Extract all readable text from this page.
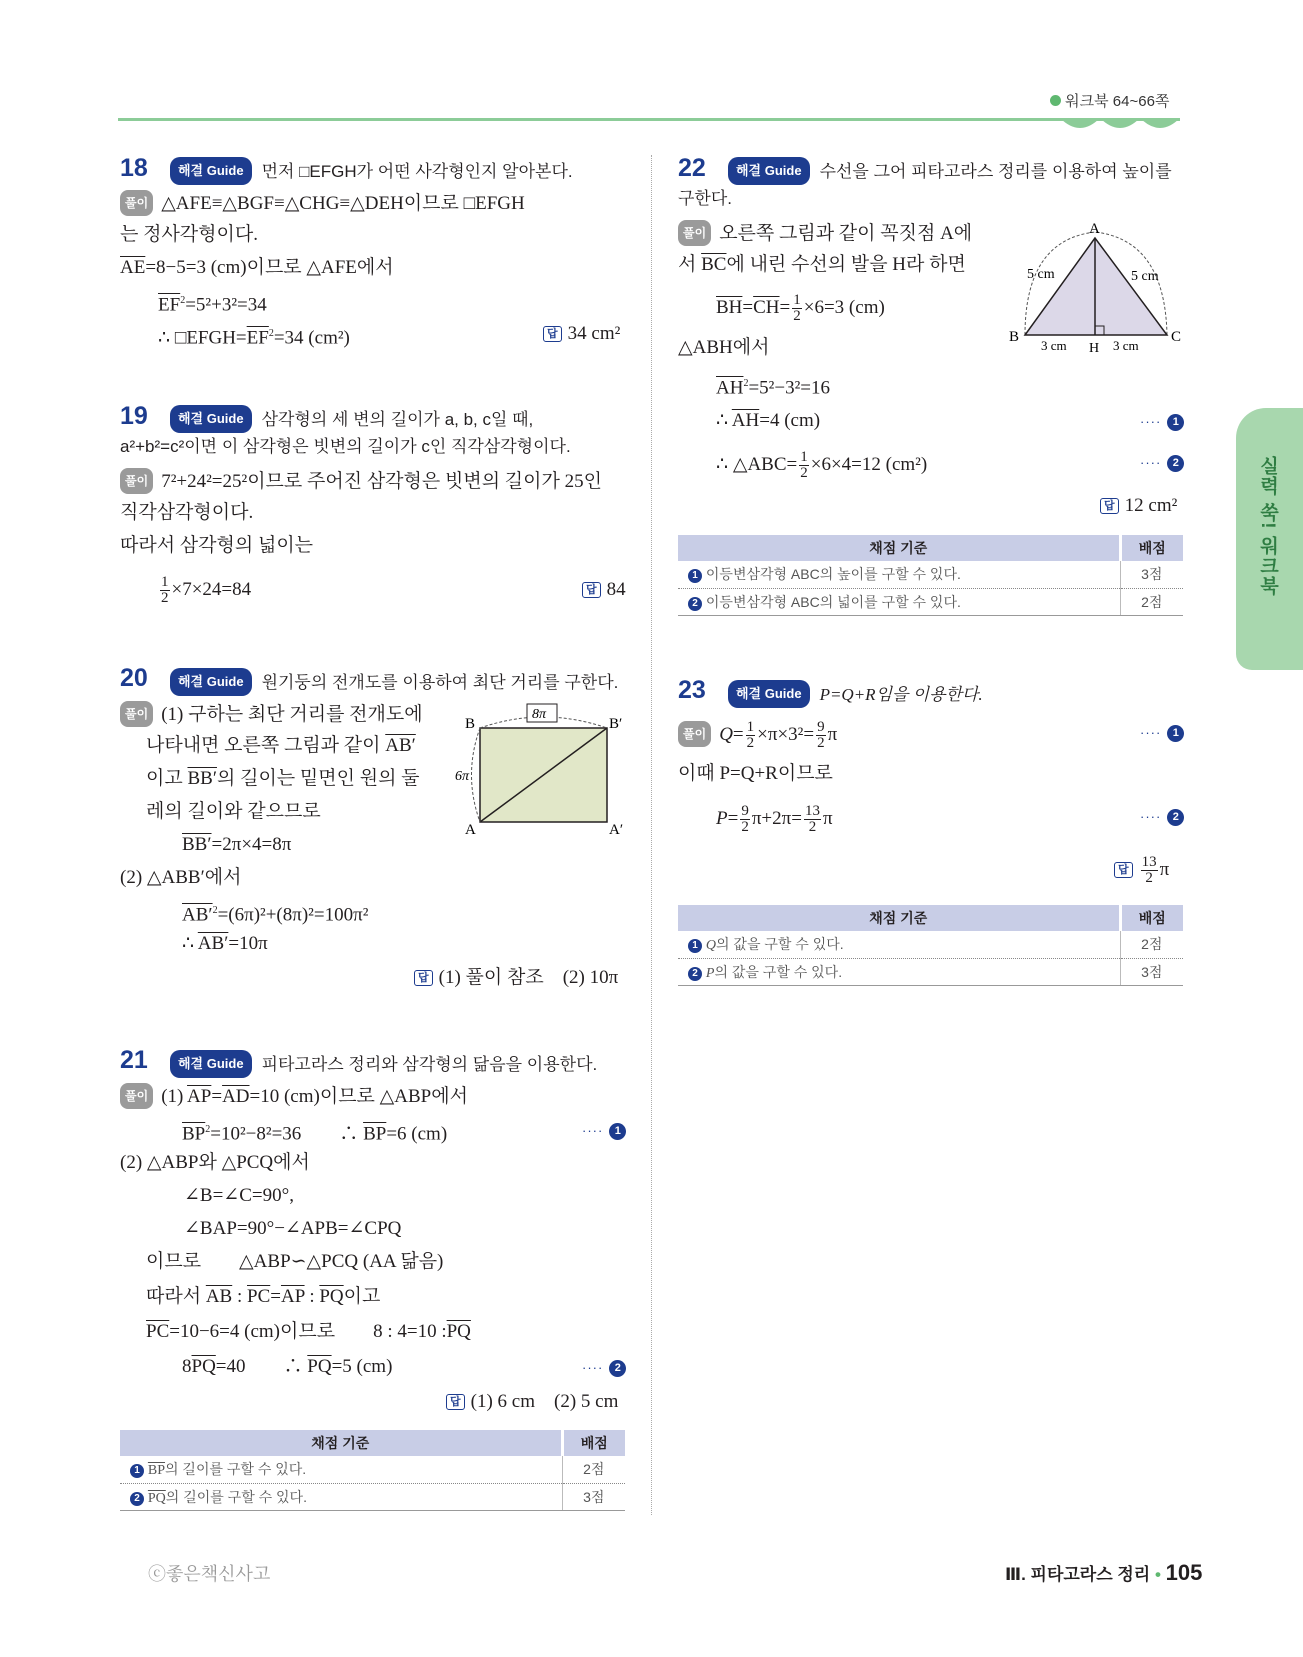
워크북 64~66쪽
실력 쑥! 워크북
18	해결 Guide 먼저 □EFGH가 어떤 사각형인지 알아본다.
풀이 △AFE≡△BGF≡△CHG≡△DEH이므로 □EFGH
는 정사각형이다.
$\overline{AE}=8-5=3$ (cm)이므로 △AFE에서
$\overline{EF}^2=5^2+3^2=34$
∴ $□EFGH=\overline{EF}^2=34$ (cm²)	답 34 cm²
19	해결 Guide 삼각형의 세 변의 길이가 a, b, c일 때,
a²+b²=c²이면 이 삼각형은 빗변의 길이가 c인 직각삼각형이다.
풀이 7²+24²=25²이므로 주어진 삼각형은 빗변의 길이가 25인
직각삼각형이다.
따라서 삼각형의 넓이는
$\frac{1}{2} \times 7\times 24=84$	답 84
20	해결 Guide 원기둥의 전개도를 이용하여 최단 거리를 구한다.
풀이 (1) 구하는 최단 거리를 전개도에
나타내면 오른쪽 그림과 같이 AB′
이고 BB′의 길이는 밑면인 원의 둘
레의 길이와 같으므로
BB′=2π×4=8π
(2) △ABB′에서
$AB'^2=(6\pi)^2+(8\pi)^2=100\pi^2$
∴ AB′=10π
답 (1) 풀이 참조　(2) 10π
8π
6π
B	B′
A	A′
21	해결 Guide 피타고라스 정리와 삼각형의 닮음을 이용한다.
풀이 (1) $\overline{AP}=\overline{AD}=10$ (cm)이므로 △ABP에서
$\overline{BP}^2=10^2-8^2=36$　　∴ $\overline{BP}=6$ (cm)	···· 1
(2) △ABP와 △PCQ에서
∠B=∠C=90°,
∠BAP=90°−∠APB=∠CPQ
이므로　　△ABP∽△PCQ (AA 닮음)
따라서 $\overline{AB}$ : $\overline{PC}=\overline{AP}$ : $\overline{PQ}$이고
$\overline{PC}=10-6=4$ (cm)이므로　　8 : 4=10 $:\overline{PQ}$
$8\overline{PQ}=40$　　∴ $\overline{PQ}=5$ (cm)	···· 2
답 (1) 6 cm　(2) 5 cm
채점 기준	배점
1 $\overline{BP}$의 길이를 구할 수 있다.	2점
2 $\overline{PQ}$의 길이를 구할 수 있다.	3점
22	해결 Guide 수선을 그어 피타고라스 정리를 이용하여 높이를
구한다.
풀이 오른쪽 그림과 같이 꼭짓점 A에
서 $\overline{BC}$에 내린 수선의 발을 H라 하면
$\overline{BH}=\overline{CH}= \frac{1}{2} \times 6=3$ (cm)
△ABH에서
$\overline{AH}^2=5^2-3^2=16$
∴ $\overline{AH}=4$ (cm)	···· 1
∴ △ABC= $\frac{1}{2} \times 6\times 4=12$ (cm²)	···· 2
답 12 cm²
A
B	C
H
5 cm	5 cm
3 cm	3 cm
채점 기준	배점
1 이등변삼각형 ABC의 높이를 구할 수 있다.	3점
2 이등변삼각형 ABC의 넓이를 구할 수 있다.	2점
23	해결 Guide P=Q+R임을 이용한다.
풀이 $Q= \frac{1}{2} \times\pi\times 3^2= \frac{9}{2}$ π	···· 1
이때 P=Q+R이므로
$P= \frac{9}{2} \pi+2\pi= \frac{13}{2}$ π	···· 2
답 $\frac{13}{2}$ π
채점 기준	배점
1 Q의 값을 구할 수 있다.	2점
2 P의 값을 구할 수 있다.	3점
ⓒ좋은책신사고	Ⅲ. 피타고라스 정리 • 105
